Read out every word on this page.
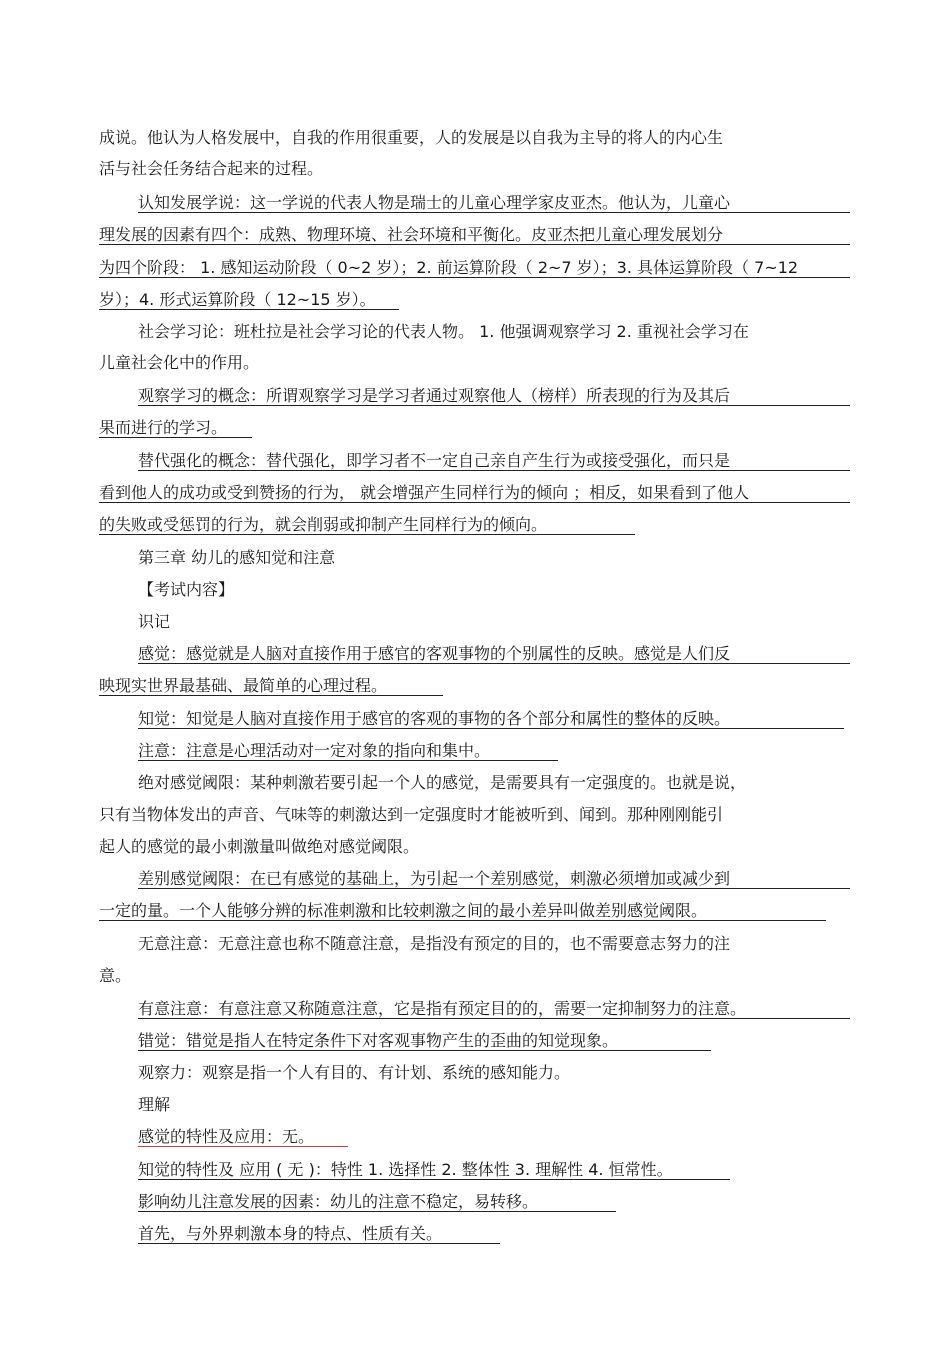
成说。他认为人格发展中，自我的作用很重要，人的发展是以自我为主导的将人的内心生
活与社会任务结合起来的过程。
认知发展学说：这一学说的代表人物是瑞士的儿童心理学家皮亚杰。他认为，儿童心
理发展的因素有四个：成熟、物理环境、社会环境和平衡化。皮亚杰把儿童心理发展划分
为四个阶段： 1. 感知运动阶段（ 0~2 岁）；2. 前运算阶段（ 2~7 岁）；3. 具体运算阶段（ 7~12
岁）；4. 形式运算阶段（ 12~15 岁）。
社会学习论：班杜拉是社会学习论的代表人物。 1. 他强调观察学习 2. 重视社会学习在
儿童社会化中的作用。
观察学习的概念：所谓观察学习是学习者通过观察他人（榜样）所表现的行为及其后
果而进行的学习。
替代强化的概念：替代强化，即学习者不一定自己亲自产生行为或接受强化，而只是
看到他人的成功或受到赞扬的行为， 就会增强产生同样行为的倾向 ；相反，如果看到了他人
的失败或受惩罚的行为，就会削弱或抑制产生同样行为的倾向。
第三章 幼儿的感知觉和注意
【考试内容】
识记
感觉：感觉就是人脑对直接作用于感官的客观事物的个别属性的反映。感觉是人们反
映现实世界最基础、最简单的心理过程。
知觉：知觉是人脑对直接作用于感官的客观的事物的各个部分和属性的整体的反映。
注意：注意是心理活动对一定对象的指向和集中。
绝对感觉阈限：某种刺激若要引起一个人的感觉，是需要具有一定强度的。也就是说，
只有当物体发出的声音、气味等的刺激达到一定强度时才能被听到、闻到。那种刚刚能引
起人的感觉的最小刺激量叫做绝对感觉阈限。
差别感觉阈限：在已有感觉的基础上，为引起一个差别感觉，刺激必须增加或减少到
一定的量。一个人能够分辨的标准刺激和比较刺激之间的最小差异叫做差别感觉阈限。
无意注意：无意注意也称不随意注意，是指没有预定的目的，也不需要意志努力的注
意。
有意注意：有意注意又称随意注意，它是指有预定目的的，需要一定抑制努力的注意。
错觉：错觉是指人在特定条件下对客观事物产生的歪曲的知觉现象。
观察力：观察是指一个人有目的、有计划、系统的感知能力。
理解
感觉的特性及应用：无。
知觉的特性及 应用 ( 无 )：特性 1. 选择性 2. 整体性 3. 理解性 4. 恒常性。
影响幼儿注意发展的因素：幼儿的注意不稳定，易转移。
首先，与外界刺激本身的特点、性质有关。
